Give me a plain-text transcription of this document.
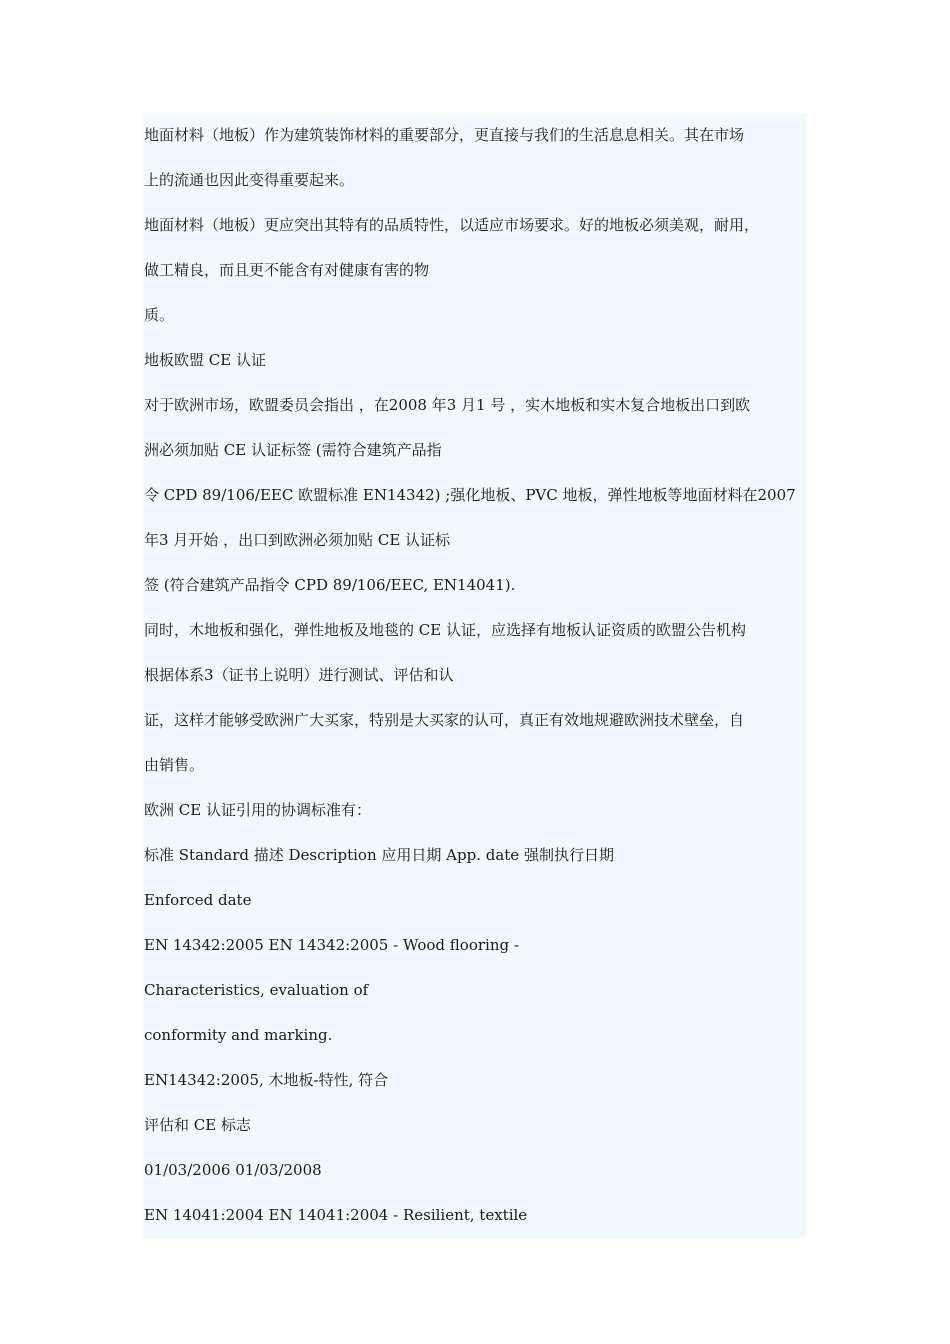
地面材料（地板）作为建筑装饰材料的重要部分，更直接与我们的生活息息相关。其在市场
上的流通也因此变得重要起来。
地面材料（地板）更应突出其特有的品质特性，以适应市场要求。好的地板必须美观，耐用，
做工精良，而且更不能含有对健康有害的物
质。
地板欧盟 CE 认证
对于欧洲市场，欧盟委员会指出 ，在2008 年3 月1 号 ，实木地板和实木复合地板出口到欧
洲必须加贴 CE 认证标签 (需符合建筑产品指
令 CPD 89/106/EEC 欧盟标准 EN14342) ;强化地板、PVC 地板，弹性地板等地面材料在2007
年3 月开始 ，出口到欧洲必须加贴 CE 认证标
签 (符合建筑产品指令 CPD 89/106/EEC, EN14041).
同时，木地板和强化，弹性地板及地毯的 CE 认证，应选择有地板认证资质的欧盟公告机构
根据体系3（证书上说明）进行测试、评估和认
证，这样才能够受欧洲广大买家，特别是大买家的认可，真正有效地规避欧洲技术壁垒，自
由销售。
欧洲 CE 认证引用的协调标准有：
标准 Standard 描述 Description 应用日期 App. date 强制执行日期
Enforced date
EN 14342:2005 EN 14342:2005 - Wood flooring -
Characteristics, evaluation of
conformity and marking.
EN14342:2005, 木地板-特性, 符合
评估和 CE 标志
01/03/2006 01/03/2008
EN 14041:2004 EN 14041:2004 - Resilient, textile
